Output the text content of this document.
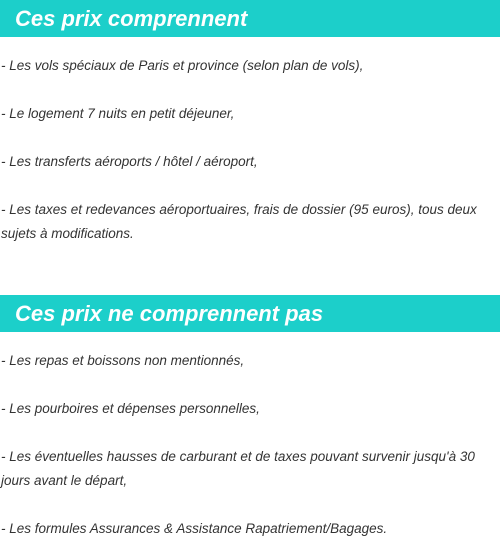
Ces prix comprennent
- Les vols spéciaux de Paris et province (selon plan de vols),
- Le logement 7 nuits en petit déjeuner,
- Les transferts aéroports / hôtel / aéroport,
- Les taxes et redevances aéroportuaires, frais de dossier (95 euros), tous deux sujets à modifications.
Ces prix ne comprennent pas
- Les repas et boissons non mentionnés,
- Les pourboires et dépenses personnelles,
- Les éventuelles hausses de carburant et de taxes pouvant survenir jusqu'à 30 jours avant le départ,
- Les formules Assurances & Assistance Rapatriement/Bagages.
